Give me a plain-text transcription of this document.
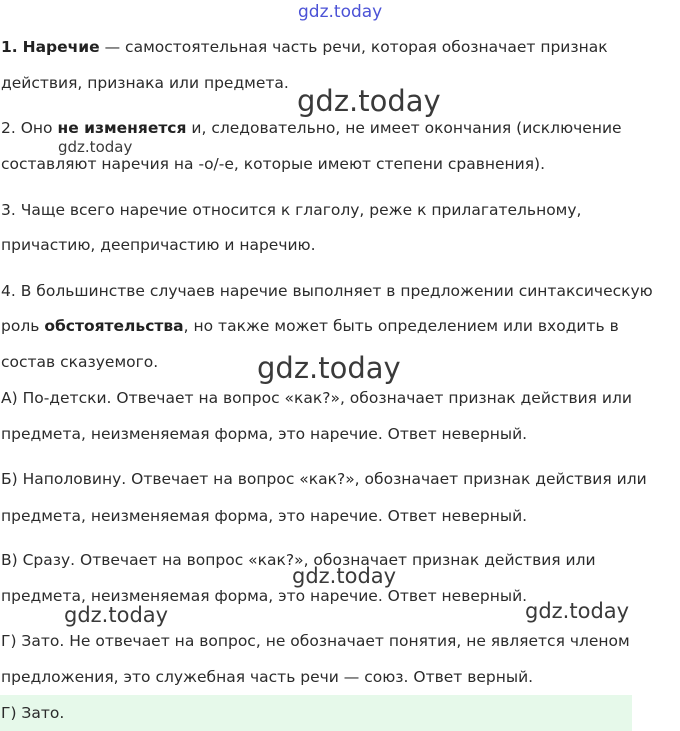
1. Наречие — самостоятельная часть речи, которая обозначает признак
действия, признака или предмета.
2. Оно не изменяется и, следовательно, не имеет окончания (исключение
составляют наречия на -о/-е, которые имеют степени сравнения).
3. Чаще всего наречие относится к глаголу, реже к прилагательному,
причастию, деепричастию и наречию.
4. В большинстве случаев наречие выполняет в предложении синтаксическую
роль обстоятельства, но также может быть определением или входить в
состав сказуемого.
А) По-детски. Отвечает на вопрос «как?», обозначает признак действия или
предмета, неизменяемая форма, это наречие. Ответ неверный.
Б) Наполовину. Отвечает на вопрос «как?», обозначает признак действия или
предмета, неизменяемая форма, это наречие. Ответ неверный.
В) Сразу. Отвечает на вопрос «как?», обозначает признак действия или
предмета, неизменяемая форма, это наречие. Ответ неверный.
Г) Зато. Не отвечает на вопрос, не обозначает понятия, не является членом
предложения, это служебная часть речи — союз. Ответ верный.
Г) Зато.
gdz.today
gdz.today
gdz.today
gdz.today
gdz.today
gdz.today	gdz.today
